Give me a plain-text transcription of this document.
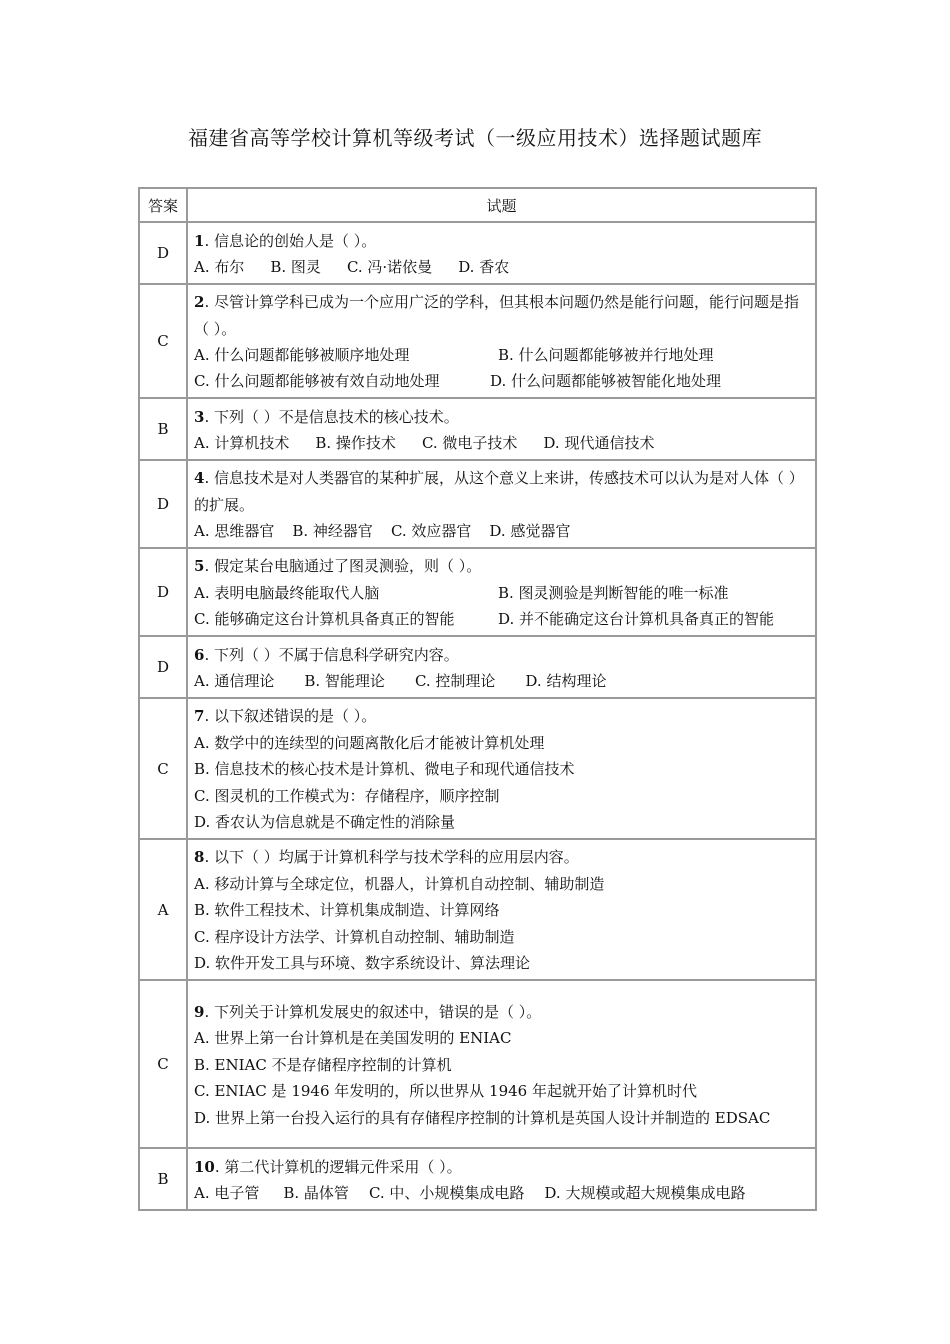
福建省高等学校计算机等级考试（一级应用技术）选择题试题库
答案	试题
D	1. 信息论的创始人是（ ）。
A. 布尔 B. 图灵 C. 冯·诺依曼 D. 香农

C	2. 尽管计算学科已成为一个应用广泛的学科，但其根本问题仍然是能行问题，能行问题是指（ ）。
A. 什么问题都能够被顺序地处理 B. 什么问题都能够被并行地处理
C. 什么问题都能够被有效自动地处理 D. 什么问题都能够被智能化地处理

B	3. 下列（ ）不是信息技术的核心技术。
A. 计算机技术 B. 操作技术 C. 微电子技术 D. 现代通信技术

D	4. 信息技术是对人类器官的某种扩展，从这个意义上来讲，传感技术可以认为是对人体（ ）的扩展。
A. 思维器官 B. 神经器官 C. 效应器官 D. 感觉器官

D	5. 假定某台电脑通过了图灵测验，则（ ）。
A. 表明电脑最终能取代人脑 B. 图灵测验是判断智能的唯一标准
C. 能够确定这台计算机具备真正的智能 D. 并不能确定这台计算机具备真正的智能

D	6. 下列（ ）不属于信息科学研究内容。
A. 通信理论 B. 智能理论 C. 控制理论 D. 结构理论

C	7. 以下叙述错误的是（ ）。
A. 数学中的连续型的问题离散化后才能被计算机处理
B. 信息技术的核心技术是计算机、微电子和现代通信技术
C. 图灵机的工作模式为：存储程序，顺序控制
D. 香农认为信息就是不确定性的消除量

A	8. 以下（ ）均属于计算机科学与技术学科的应用层内容。
A. 移动计算与全球定位，机器人，计算机自动控制、辅助制造
B. 软件工程技术、计算机集成制造、计算网络
C. 程序设计方法学、计算机自动控制、辅助制造
D. 软件开发工具与环境、数字系统设计、算法理论

C	9. 下列关于计算机发展史的叙述中，错误的是（ ）。
A. 世界上第一台计算机是在美国发明的 ENIAC
B. ENIAC 不是存储程序控制的计算机
C. ENIAC 是 1946 年发明的，所以世界从 1946 年起就开始了计算机时代
D. 世界上第一台投入运行的具有存储程序控制的计算机是英国人设计并制造的 EDSAC

B	10. 第二代计算机的逻辑元件采用（ ）。
A. 电子管 B. 晶体管 C. 中、小规模集成电路 D. 大规模或超大规模集成电路
